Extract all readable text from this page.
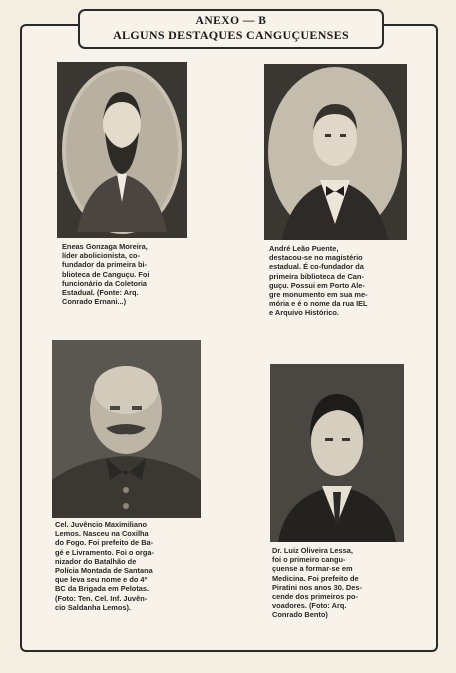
ANEXO — B
ALGUNS DESTAQUES CANGUÇUENSES
Eneas Gonzaga Moreira,
líder abolicionista, co-
fundador da primeira bi-
blioteca de Canguçu. Foi
funcionário da Coletoria
Estadual. (Fonte: Arq.
Conrado Ernani...)
André Leão Puente,
destacou-se no magistério
estadual. É co-fundador da
primeira biblioteca de Can-
guçu. Possui em Porto Ale-
gre monumento em sua me-
mória e é o nome da rua IEL
e Arquivo Histórico.
Cel. Juvêncio Maximiliano
Lemos. Nasceu na Coxilha
do Fogo. Foi prefeito de Ba-
gé e Livramento. Foi o orga-
nizador do Batalhão de
Polícia Montada de Santana
que leva seu nome e do 4º
BC da Brigada em Pelotas.
(Foto: Ten. Cel. Inf. Juvên-
cio Saldanha Lemos).
Dr. Luiz Oliveira Lessa,
foi o primeiro cangu-
çuense a formar-se em
Medicina. Foi prefeito de
Piratini nos anos 30. Des-
cende dos primeiros po-
voadores. (Foto: Arq.
Conrado Bento)
